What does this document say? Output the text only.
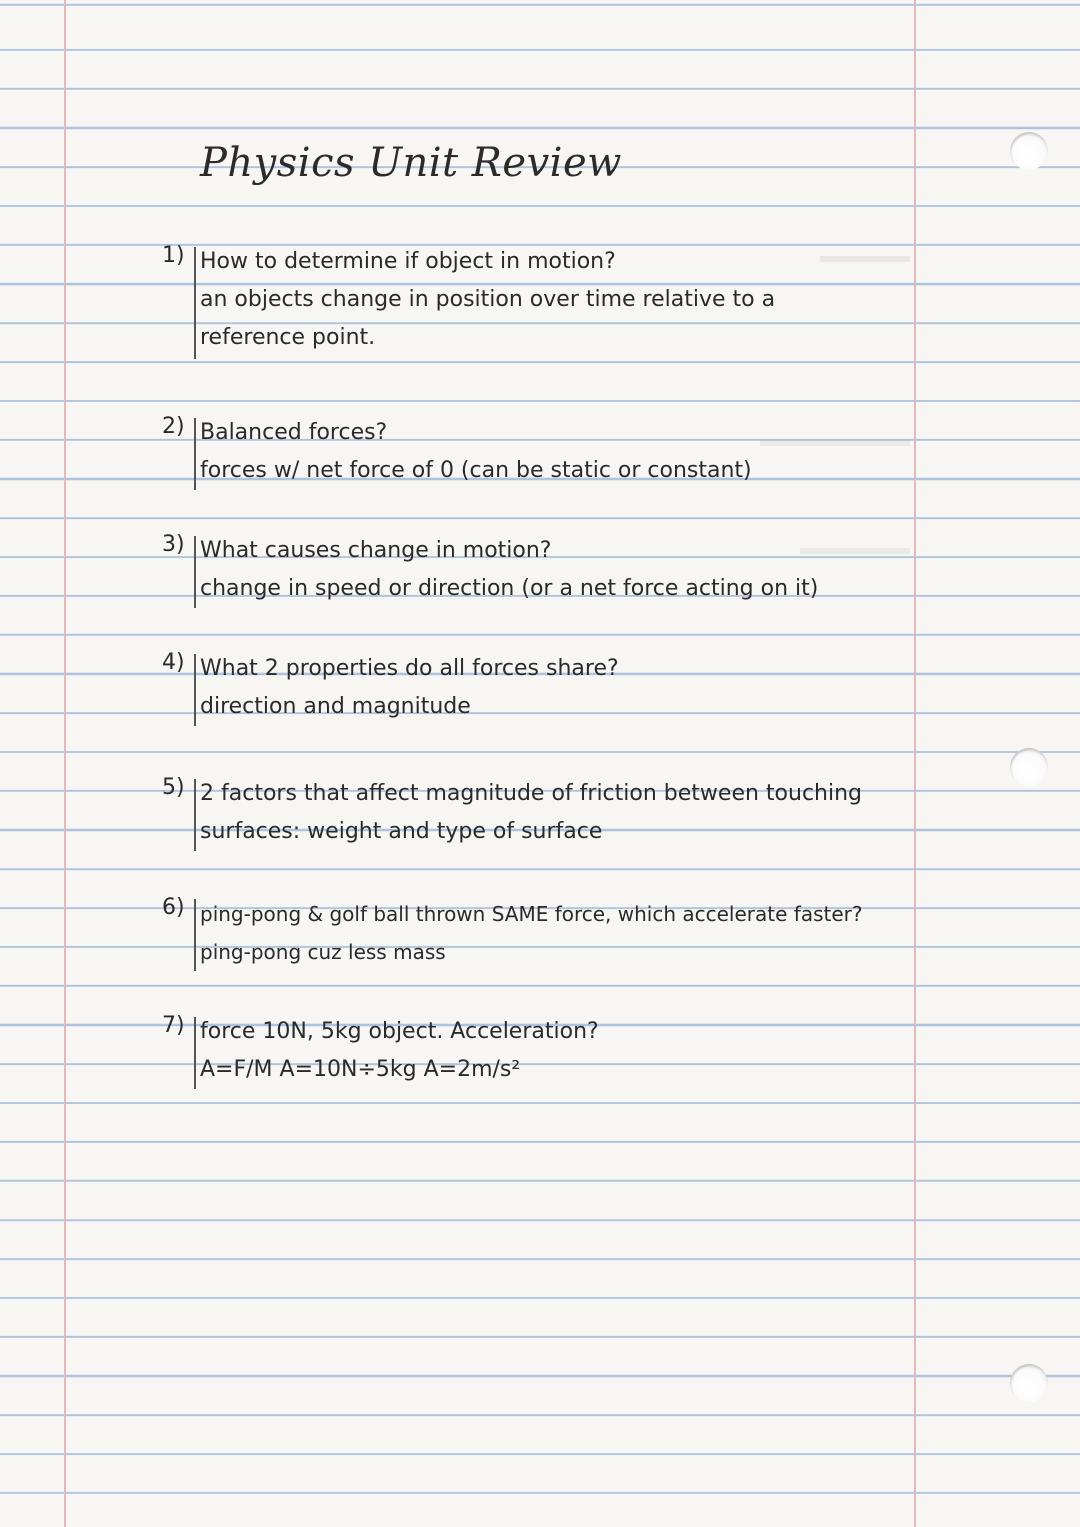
Physics Unit Review
1) How to determine if object in motion?
an objects change in position over time relative to a
reference point.
2) Balanced forces?
forces w/ net force of 0 (can be static or constant)
3) What causes change in motion?
change in speed or direction (or a net force acting on it)
4) What 2 properties do all forces share?
direction and magnitude
5) 2 factors that affect magnitude of friction between touching
surfaces: weight and type of surface
6) ping-pong & golf ball thrown SAME force, which accelerate faster?
ping-pong cuz less mass
7) force 10N, 5kg object. Acceleration?
A=F/M A=10N÷5kg A=2m/s²
